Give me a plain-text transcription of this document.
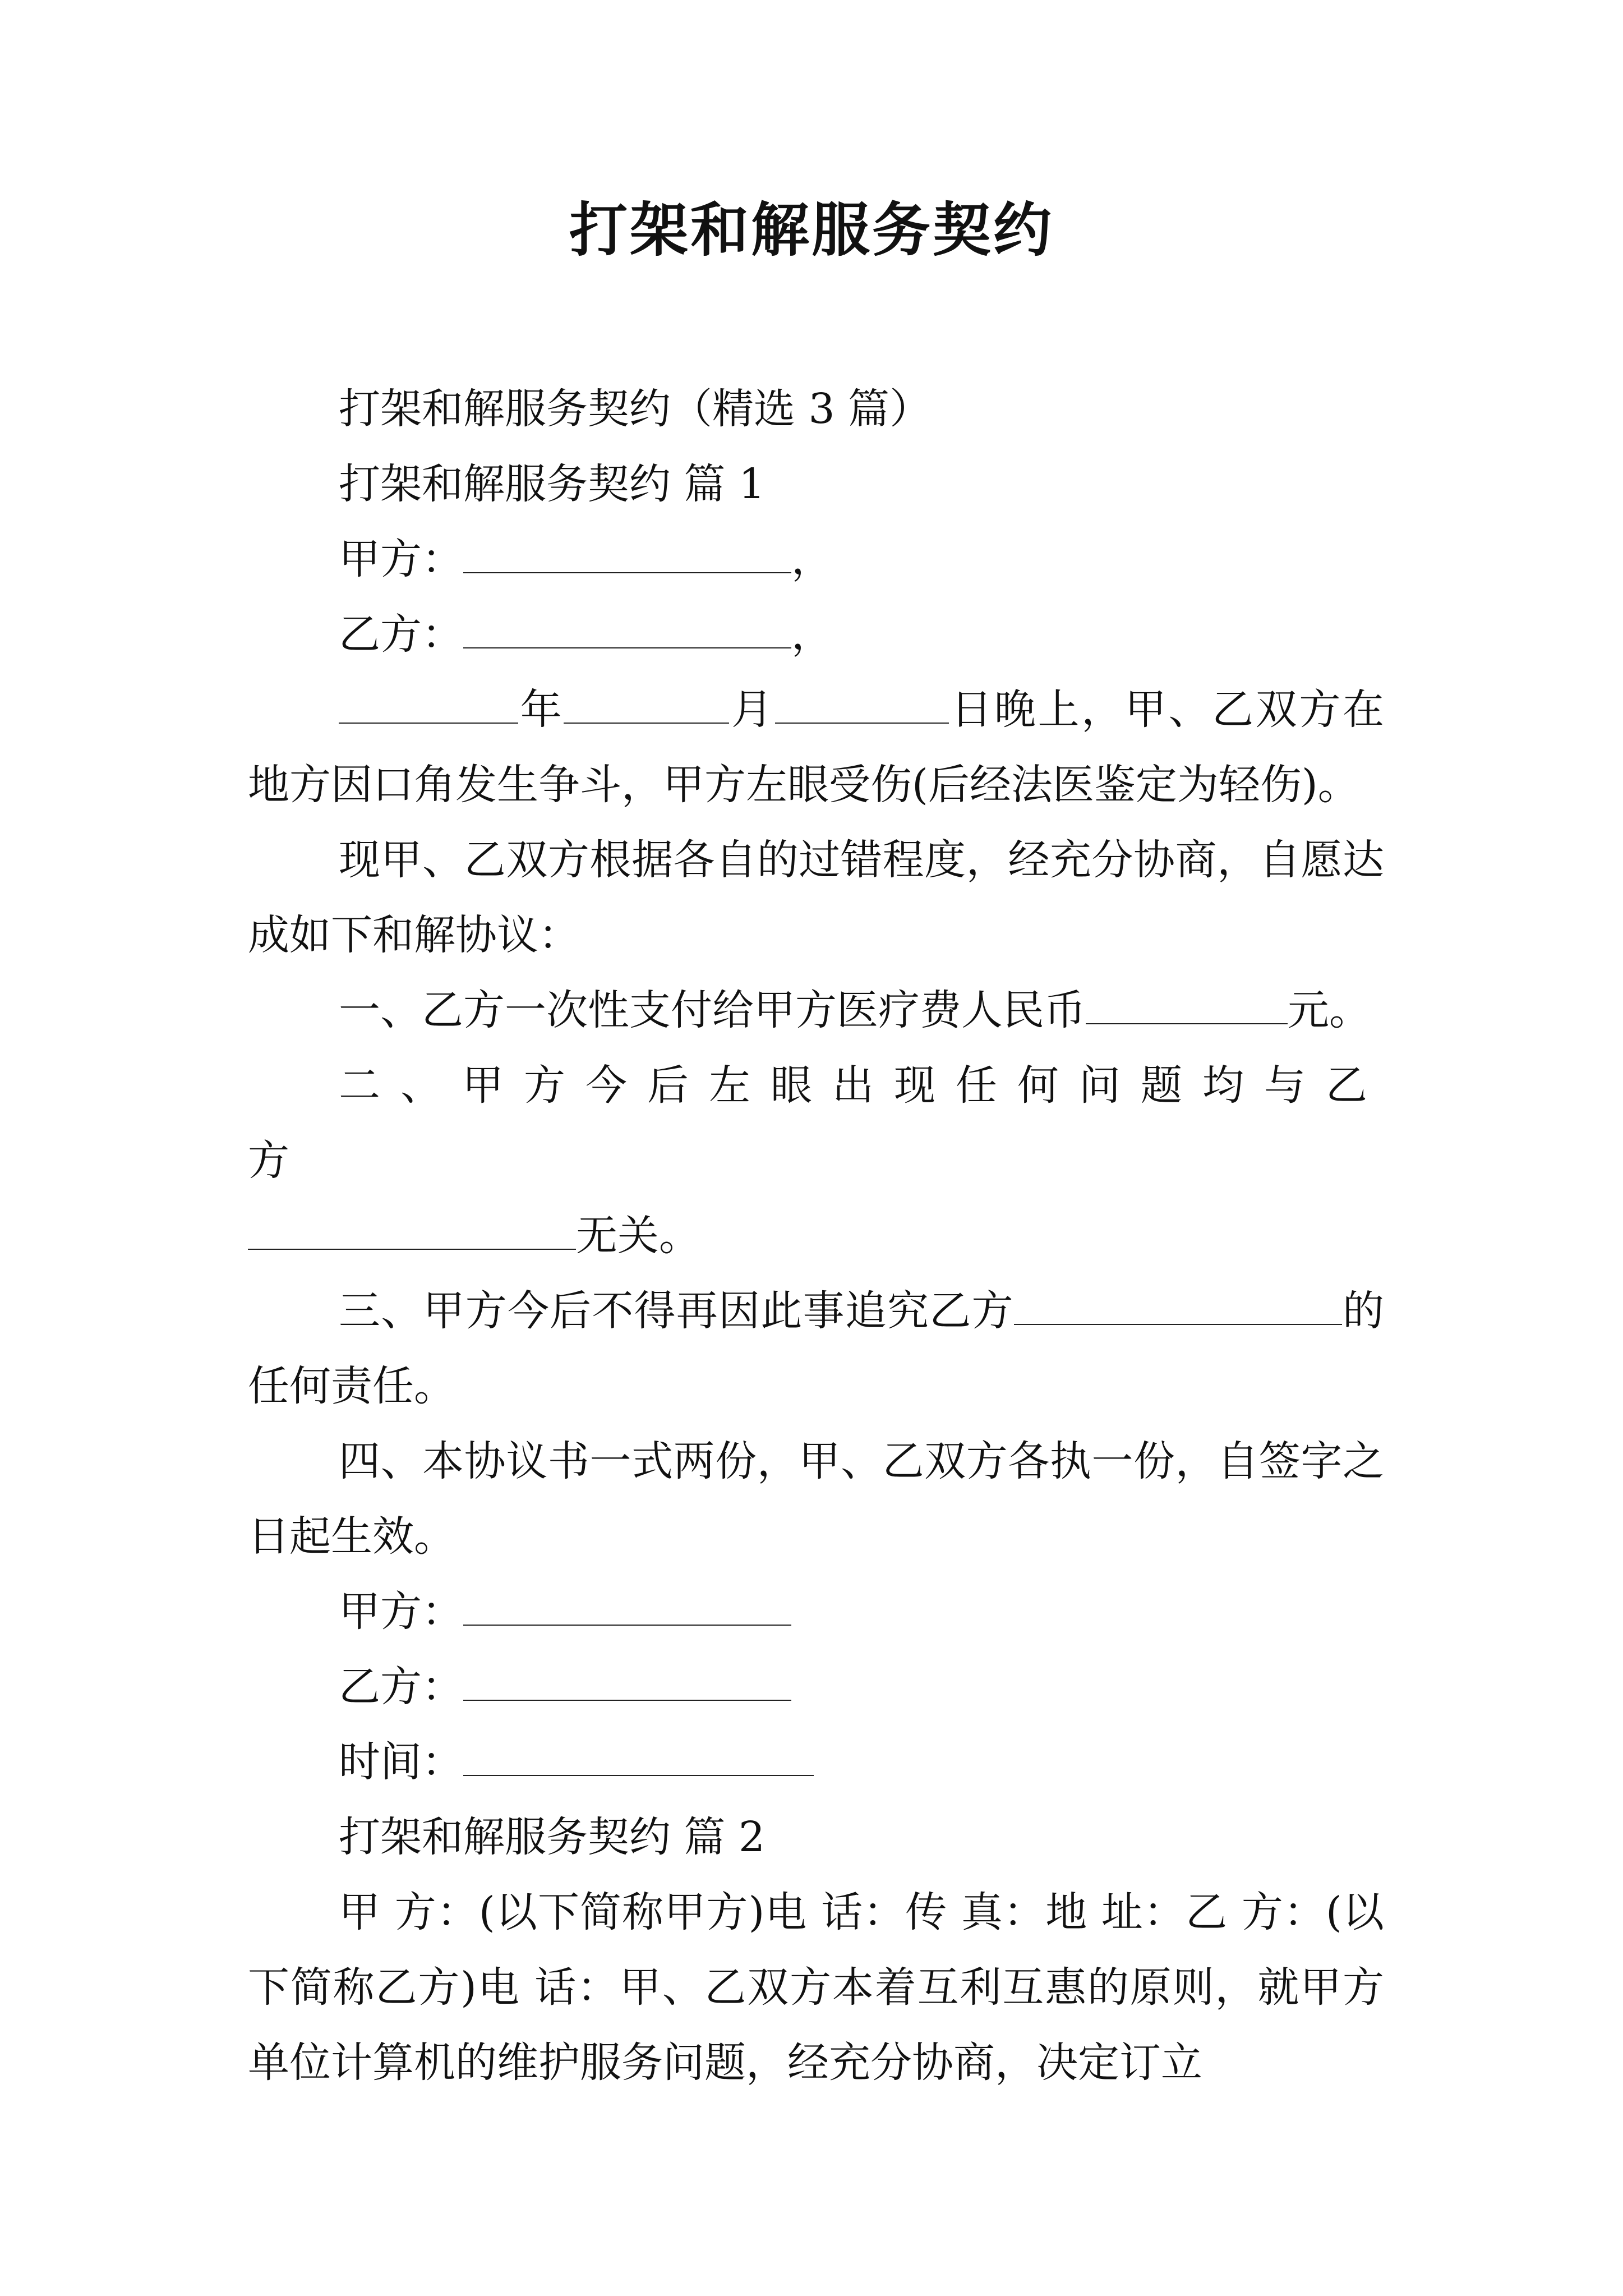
打架和解服务契约

打架和解服务契约（精选 3 篇）

打架和解服务契约 篇 1

甲方：	，

乙方：	，

年	月	日晚上，甲、乙双方在地方因口角发生争斗，甲方左眼受伤(后经法医鉴定为轻伤)。

现甲、乙双方根据各自的过错程度，经充分协商，自愿达成如下和解协议：

一、乙方一次性支付给甲方医疗费人民币	元。

二、甲方今后左眼出现任何问题均与乙方
无关。

三、甲方今后不得再因此事追究乙方	的任何责任。

四、本协议书一式两份，甲、乙双方各执一份，自签字之日起生效。

甲方：

乙方：

时间：

打架和解服务契约 篇 2

甲 方：(以下简称甲方)电 话：传 真：地 址：乙 方：(以下简称乙方)电 话：甲、乙双方本着互利互惠的原则，就甲方单位计算机的维护服务问题，经充分协商，决定订立
